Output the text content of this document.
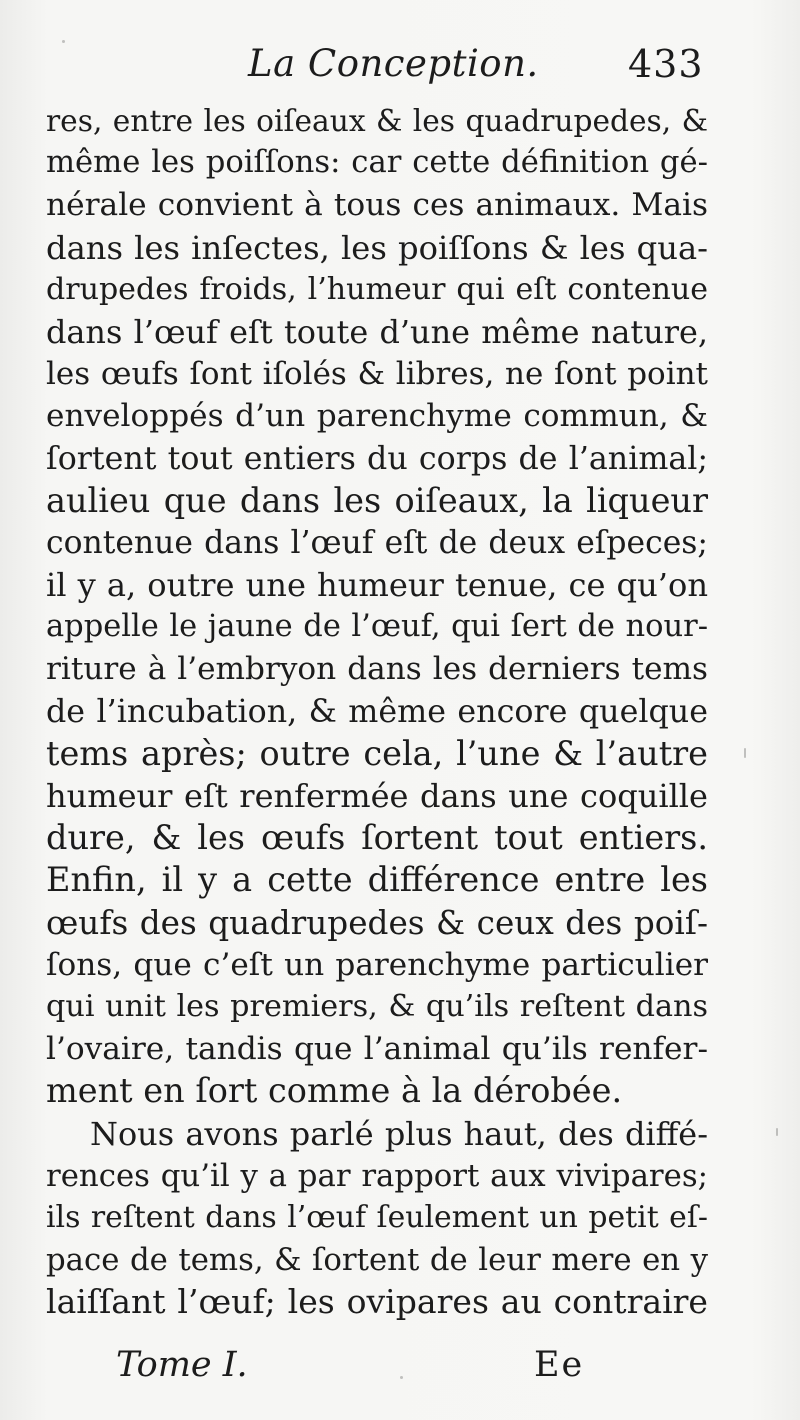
La Conception. 433
res, entre les oiſeaux & les quadrupedes, &
même les poiſſons: car cette définition gé-
nérale convient à tous ces animaux. Mais
dans les inſectes, les poiſſons & les qua-
drupedes froids, l’humeur qui eſt contenue
dans l’œuf eſt toute d’une même nature,
les œufs ſont iſolés & libres, ne ſont point
enveloppés d’un parenchyme commun, &
ſortent tout entiers du corps de l’animal;
aulieu que dans les oiſeaux, la liqueur
contenue dans l’œuf eſt de deux eſpeces;
il y a, outre une humeur tenue, ce qu’on
appelle le jaune de l’œuf, qui ſert de nour-
riture à l’embryon dans les derniers tems
de l’incubation, & même encore quelque
tems après; outre cela, l’une & l’autre
humeur eſt renfermée dans une coquille
dure, & les œufs ſortent tout entiers.
Enfin, il y a cette différence entre les
œufs des quadrupedes & ceux des poiſ-
ſons, que c’eſt un parenchyme particulier
qui unit les premiers, & qu’ils reſtent dans
l’ovaire, tandis que l’animal qu’ils renfer-
ment en ſort comme à la dérobée.
Nous avons parlé plus haut, des diffé-
rences qu’il y a par rapport aux vivipares;
ils reſtent dans l’œuf ſeulement un petit eſ-
pace de tems, & ſortent de leur mere en y
laiſſant l’œuf; les ovipares au contraire
Tome I.	Ee
